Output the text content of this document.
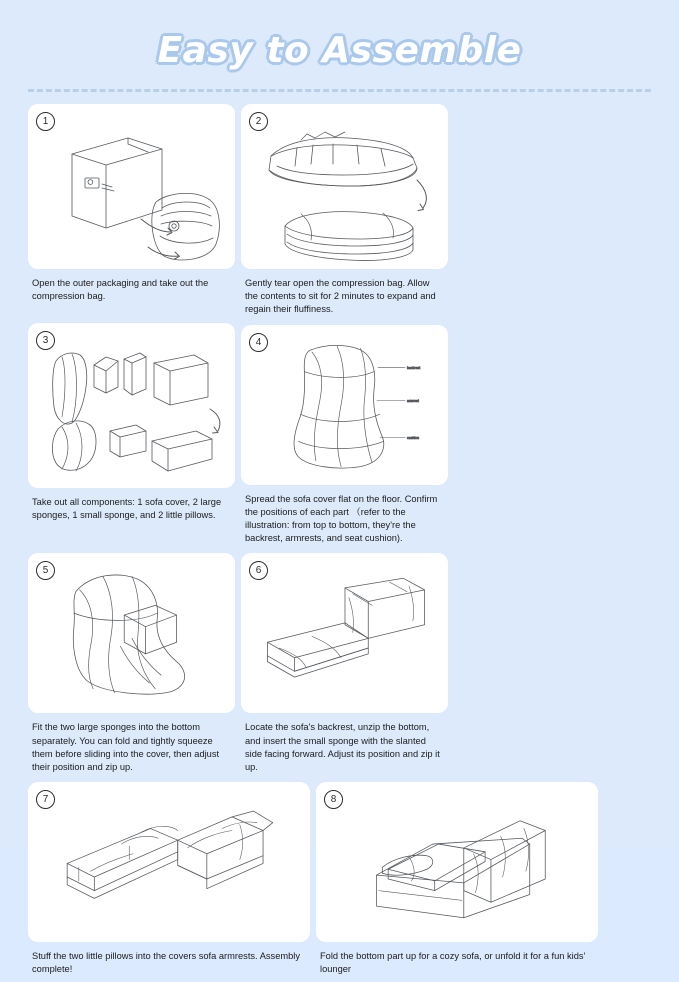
Easy to Assemble
1
Open the outer packaging and take out the compression bag.
2
Gently tear open the compression bag. Allow the contents to sit for 2 minutes to expand and regain their fluffiness.
3
Take out all components: 1 sofa cover, 2 large sponges, 1 small sponge, and 2 little pillows.
4
backrest
armrest
cushion
Spread the sofa cover flat on the floor. Confirm the positions of each part （refer to the illustration: from top to bottom, they're the backrest, armrests, and seat cushion).
5
Fit the two large sponges into the bottom separately. You can fold and tightly squeeze them before sliding into the cover, then adjust their position and zip up.
6
Locate the sofa's backrest, unzip the bottom, and insert the small sponge with the slanted side facing forward. Adjust its position and zip it up.
7
Stuff the two little pillows into the covers sofa armrests. Assembly complete!
8
Fold the bottom part up for a cozy sofa, or unfold it for a fun kids' lounger
